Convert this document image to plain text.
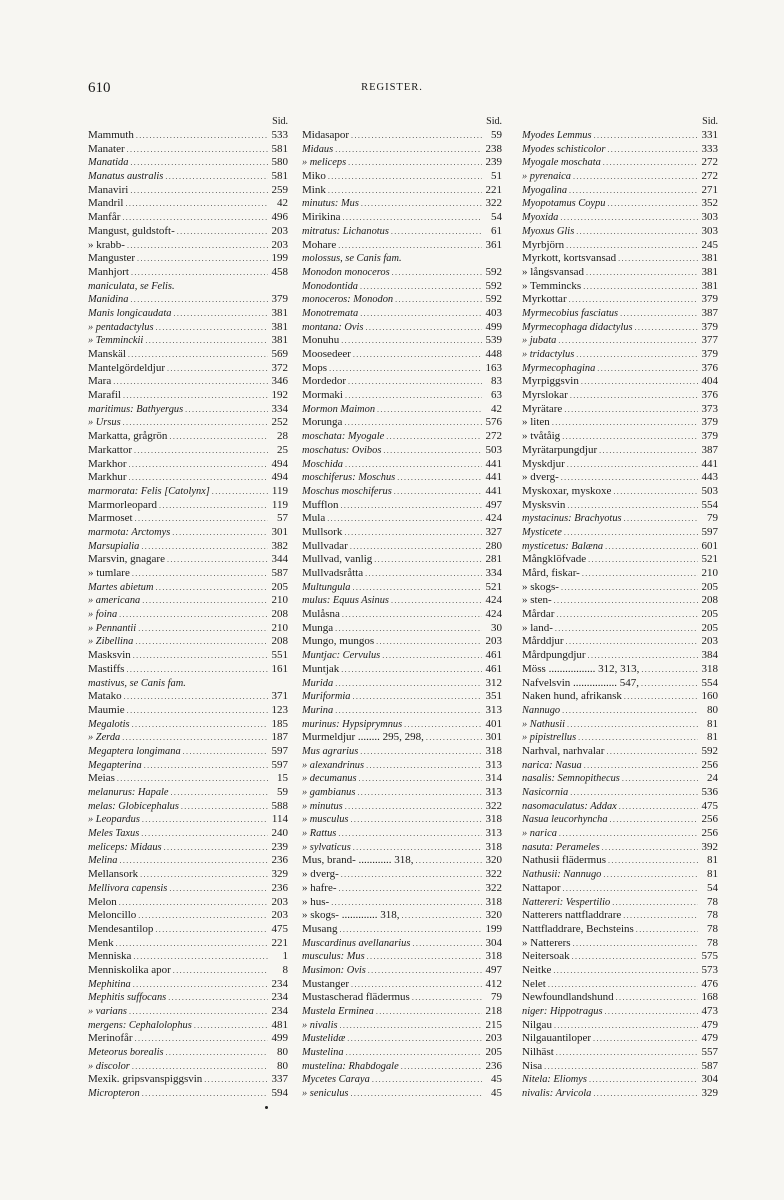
610	REGISTER.
Sid.
Mammuth .....	533
Manater .....	581
Manatida .....	580
Manatus australis .....	581
Manaviri .....	259
Mandril .....	42
Manfår .....	496
Mangust, guldstoft- .....	203
» krabb- .....	203
Manguster .....	199
Manhjort .....	458
maniculata, se Felis.
Manidina .....	379
Manis longicaudata .....	381
» pentadactylus .....	381
» Temminckii .....	381
Manskäl .....	569
Mantelgördeldjur .....	372
Mara .....	346
Marafil .....	192
maritimus: Bathyergus .....	334
» Ursus .....	252
Markatta, grågrön .....	28
Markattor .....	25
Markhor .....	494
Markhur .....	494
marmorata: Felis [Catolynx] .....	119
Marmorleopard .....	119
Marmoset .....	57
marmota: Arctomys .....	301
Marsupialia .....	382
Marsvin, gnagare .....	344
» tumlare .....	587
Martes abietum .....	205
» americana .....	210
» foina .....	208
» Pennantii .....	210
» Zibellina .....	208
Masksvin .....	551
Mastiffs .....	161
mastivus, se Canis fam.
Matako .....	371
Maumie .....	123
Megalotis .....	185
» Zerda .....	187
Megaptera longimana .....	597
Megapterina .....	597
Meias .....	15
melanurus: Hapale .....	59
melas: Globicephalus .....	588
» Leopardus .....	114
Meles Taxus .....	240
meliceps: Midaus .....	239
Melina .....	236
Mellansork .....	329
Mellivora capensis .....	236
Melon .....	203
Meloncillo .....	203
Mendesantilop .....	475
Menk .....	221
Menniska .....	1
Menniskolika apor .....	8
Mephitina .....	234
Mephitis suffocans .....	234
» varians .....	234
mergens: Cephalolophus .....	481
Merinofår .....	499
Meteorus borealis .....	80
» discolor .....	80
Mexik. gripsvanspiggsvin .....	337
Micropteron .....	594
Sid.
Midasapor .....	59
Midaus .....	238
» meliceps .....	239
Miko .....	51
Mink .....	221
minutus: Mus .....	322
Mirikina .....	54
mitratus: Lichanotus .....	61
Mohare .....	361
molossus, se Canis fam.
Monodon monoceros .....	592
Monodontida .....	592
monoceros: Monodon .....	592
Monotremata .....	403
montana: Ovis .....	499
Monuhu .....	539
Moosedeer .....	448
Mops .....	163
Mordedor .....	83
Mormaki .....	63
Mormon Maimon .....	42
Morunga .....	576
moschata: Myogale .....	272
moschatus: Ovibos .....	503
Moschida .....	441
moschiferus: Moschus .....	441
Moschus moschiferus .....	441
Mufflon .....	497
Mula .....	424
Mullsork .....	327
Mullvadar .....	280
Mullvad, vanlig .....	281
Mullvadsråtta .....	334
Multungula .....	521
mulus: Equus Asinus .....	424
Mulåsna .....	424
Munga .....	30
Mungo, mungos .....	203
Muntjac: Cervulus .....	461
Muntjak .....	461
Murida .....	312
Muriformia .....	351
Murina .....	313
murinus: Hypsiprymnus .....	401
Murmeldjur ........ 295, 298, .....	301
Mus agrarius .....	318
» alexandrinus .....	313
» decumanus .....	314
» gambianus .....	313
» minutus .....	322
» musculus .....	318
» Rattus .....	313
» sylvaticus .....	318
Mus, brand- ............ 318, .....	320
» dverg- .....	322
» hafre- .....	322
» hus- .....	318
» skogs- ............. 318, .....	320
Musang .....	199
Muscardinus avellanarius .....	304
musculus: Mus .....	318
Musimon: Ovis .....	497
Mustanger .....	412
Mustascherad flädermus .....	79
Mustela Erminea .....	218
» nivalis .....	215
Mustelidæ .....	203
Mustelina .....	205
mustelina: Rhabdogale .....	236
Mycetes Caraya .....	45
» seniculus .....	45
Sid.
Myodes Lemmus .....	331
Myodes schisticolor .....	333
Myogale moschata .....	272
» pyrenaica .....	272
Myogalina .....	271
Myopotamus Coypu .....	352
Myoxida .....	303
Myoxus Glis .....	303
Myrbjörn .....	245
Myrkott, kortsvansad .....	381
» långsvansad .....	381
» Temmincks .....	381
Myrkottar .....	379
Myrmecobius fasciatus .....	387
Myrmecophaga didactylus .....	379
» jubata .....	377
» tridactylus .....	379
Myrmecophagina .....	376
Myrpiggsvin .....	404
Myrslokar .....	376
Myrätare .....	373
» liten .....	379
» tvåtåig .....	379
Myrätarpungdjur .....	387
Myskdjur .....	441
» dverg- .....	443
Myskoxar, myskoxe .....	503
Mysksvin .....	554
mystacinus: Brachyotus .....	79
Mysticete .....	597
mysticetus: Balæna .....	601
Mångklöfvade .....	521
Mård, fiskar- .....	210
» skogs- .....	205
» sten- .....	208
Mårdar .....	205
» land- .....	205
Mårddjur .....	203
Mårdpungdjur .....	384
Möss ................. 312, 313, .....	318
Nafvelsvin ................ 547, .....	554
Naken hund, afrikansk .....	160
Nannugo .....	80
» Nathusii .....	81
» pipistrellus .....	81
Narhval, narhvalar .....	592
narica: Nasua .....	256
nasalis: Semnopithecus .....	24
Nasicornia .....	536
nasomaculatus: Addax .....	475
Nasua leucorhyncha .....	256
» narica .....	256
nasuta: Perameles .....	392
Nathusii flädermus .....	81
Nathusii: Nannugo .....	81
Nattapor .....	54
Nattereri: Vespertilio .....	78
Natterers nattfladdrare .....	78
Nattfladdrare, Bechsteins .....	78
» Natterers .....	78
Neitersoak .....	575
Neitke .....	573
Nelet .....	476
Newfoundlandshund .....	168
niger: Hippotragus .....	473
Nilgau .....	479
Nilgauantiloper .....	479
Nilhäst .....	557
Nisa .....	587
Nitela: Eliomys .....	304
nivalis: Arvicola .....	329
